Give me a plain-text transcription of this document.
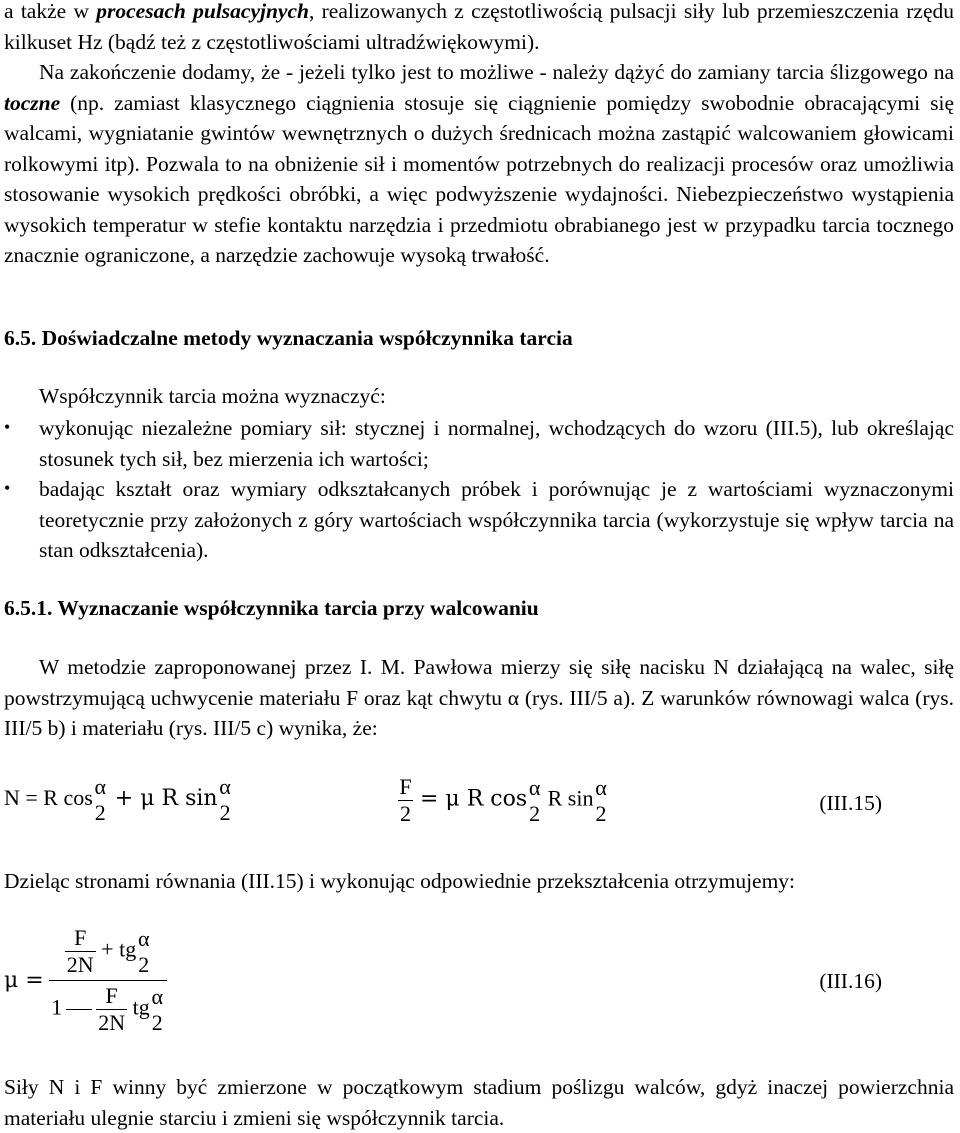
a także w procesach pulsacyjnych, realizowanych z częstotliwością pulsacji siły lub przemieszczenia rzędu kilkuset Hz (bądź też z częstotliwościami ultradźwiękowymi).
Na zakończenie dodamy, że - jeżeli tylko jest to możliwe - należy dążyć do zamiany tarcia ślizgowego na toczne (np. zamiast klasycznego ciągnienia stosuje się ciągnienie pomiędzy swobodnie obracającymi się walcami, wygniatanie gwintów wewnętrznych o dużych średnicach można zastąpić walcowaniem głowicami rolkowymi itp). Pozwala to na obniżenie sił i momentów potrzebnych do realizacji procesów oraz umożliwia stosowanie wysokich prędkości obróbki, a więc podwyższenie wydajności. Niebezpieczeństwo wystąpienia wysokich temperatur w stefie kontaktu narzędzia i przedmiotu obrabianego jest w przypadku tarcia tocznego znacznie ograniczone, a narzędzie zachowuje wysoką trwałość.
6.5. Doświadczalne metody wyznaczania współczynnika tarcia
Współczynnik tarcia można wyznaczyć:
• wykonując niezależne pomiary sił: stycznej i normalnej, wchodzących do wzoru (III.5), lub określając stosunek tych sił, bez mierzenia ich wartości;
• badając kształt oraz wymiary odkształcanych próbek i porównując je z wartościami wyznaczonymi teoretycznie przy założonych z góry wartościach współczynnika tarcia (wykorzystuje się wpływ tarcia na stan odkształcenia).
6.5.1. Wyznaczanie współczynnika tarcia przy walcowaniu
W metodzie zaproponowanej przez I. M. Pawłowa mierzy się siłę nacisku N działającą na walec, siłę powstrzymującą uchwycenie materiału F oraz kąt chwytu α (rys. III/5 a). Z warunków równowagi walca (rys. III/5 b) i materiału (rys. III/5 c) wynika, że:
N = R cos α
2
+ μ R sin α
2	$\frac{F}{2} = \mu$ R cos α
2
R sin α
2	(III.15)
Dzieląc stronami równania (III.15) i wykonując odpowiednie przekształcenia otrzymujemy:
$\mu = \frac{F}{2N}$ + tg α
2
$1 \frac{F}{2N}$ tg α
2	(III.16)
Siły N i F winny być zmierzone w początkowym stadium poślizgu walców, gdyż inaczej powierzchnia materiału ulegnie starciu i zmieni się współczynnik tarcia.
